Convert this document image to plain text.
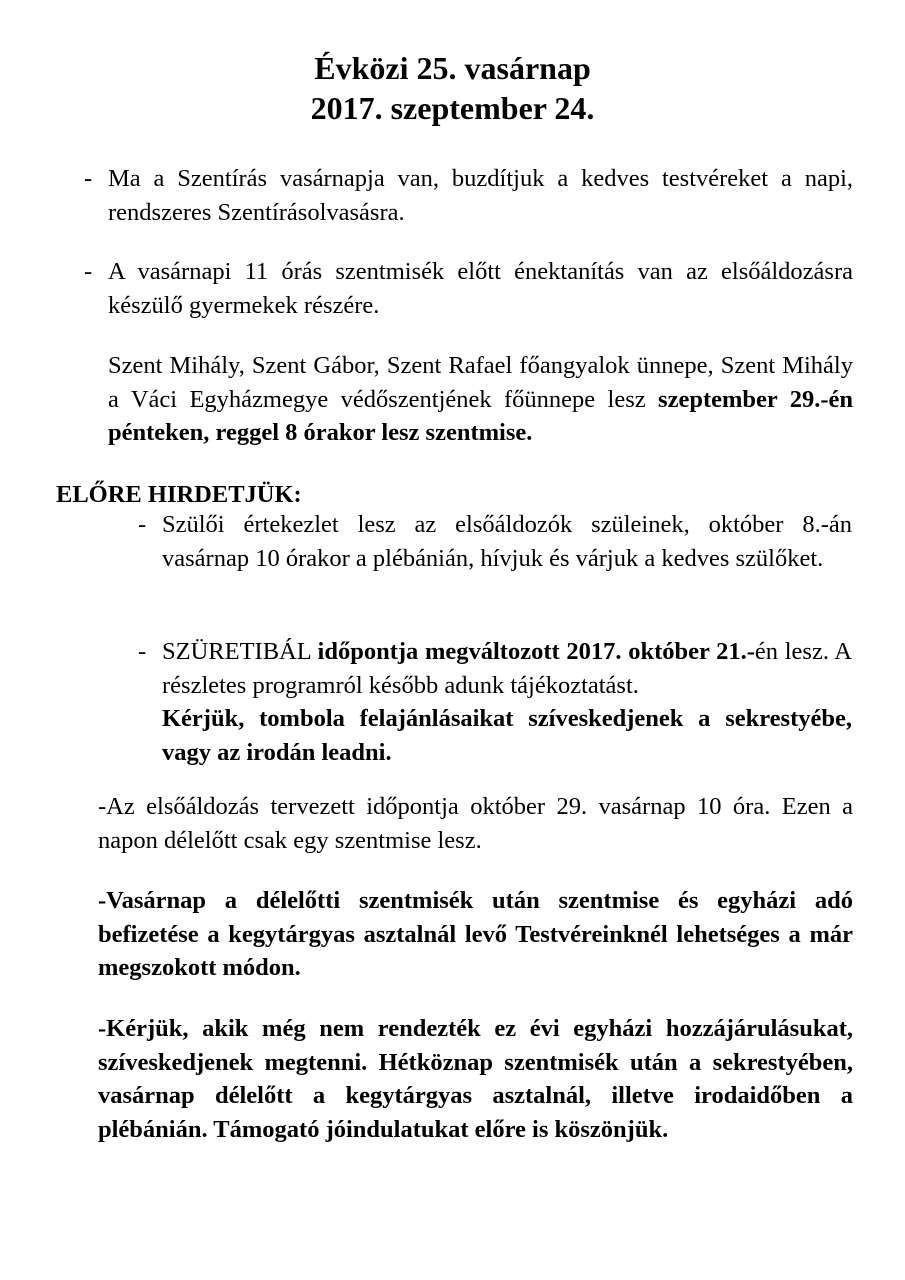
Évközi 25. vasárnap
2017. szeptember 24.
- Ma a Szentírás vasárnapja van, buzdítjuk a kedves testvéreket a napi, rendszeres Szentírásolvasásra.

- A vasárnapi 11 órás szentmisék előtt énektanítás van az elsőáldozásra készülő gyermekek részére.

Szent Mihály, Szent Gábor, Szent Rafael főangyalok ünnepe, Szent Mihály a Váci Egyházmegye védőszentjének főünnepe lesz szeptember 29.-én pénteken, reggel 8 órakor lesz szentmise.

ELŐRE HIRDETJÜK:
- Szülői értekezlet lesz az elsőáldozók szüleinek, október 8.-án vasárnap 10 órakor a plébánián, hívjuk és várjuk a kedves szülőket.

- SZÜRETIBÁL időpontja megváltozott 2017. október 21.-én lesz. A részletes programról később adunk tájékoztatást.

Kérjük, tombola felajánlásaikat szíveskedjenek a sekrestyébe, vagy az irodán leadni.

-Az elsőáldozás tervezett időpontja október 29. vasárnap 10 óra. Ezen a napon délelőtt csak egy szentmise lesz.

-Vasárnap a délelőtti szentmisék után szentmise és egyházi adó befizetése a kegytárgyas asztalnál levő Testvéreinknél lehetséges a már megszokott módon.

-Kérjük, akik még nem rendezték ez évi egyházi hozzájárulásukat, szíveskedjenek megtenni. Hétköznap szentmisék után a sekrestyében, vasárnap délelőtt a kegytárgyas asztalnál, illetve irodaidőben a plébánián. Támogató jóindulatukat előre is köszönjük.
